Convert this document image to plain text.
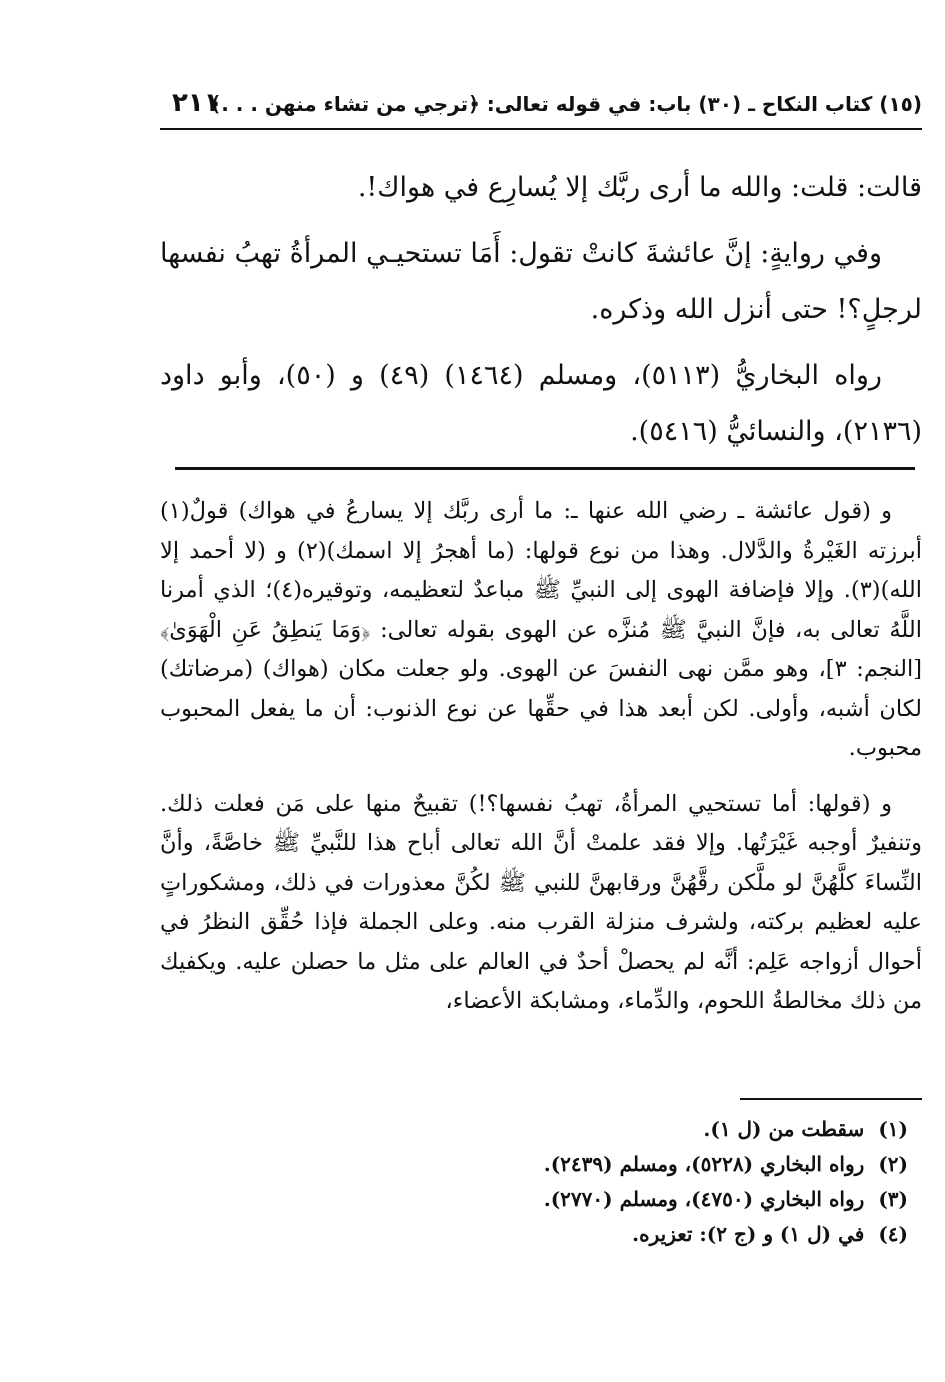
(١٥) كتاب النكاح ـ (٣٠) باب: في قوله تعالى: ﴿ترجي من تشاء منهن . . .﴾
٢١١

قالت: قلت: والله ما أرى ربَّك إلا يُسارِع في هواك!.

وفي روايةٍ: إنَّ عائشةَ كانتْ تقول: أَمَا تستحيـي المرأةُ تهبُ نفسها لرجلٍ؟! حتى أنزل الله وذكره.

رواه البخاريُّ (٥١١٣)، ومسلم (١٤٦٤) (٤٩) و (٥٠)، وأبو داود (٢١٣٦)، والنسائيُّ (٥٤١٦).

و (قول عائشة ـ رضي الله عنها ـ: ما أرى ربَّك إلا يسارعُ في هواك) قولٌ(١) أبرزته الغَيْرةُ والدَّلال. وهذا من نوع قولها: (ما أهجرُ إلا اسمك)(٢) و (لا أحمد إلا الله)(٣). وإلا فإضافة الهوى إلى النبيِّ ﷺ مباعدٌ لتعظيمه، وتوقيره(٤)؛ الذي أمرنا اللَّهُ تعالى به، فإنَّ النبيَّ ﷺ مُنزَّه عن الهوى بقوله تعالى: ﴿وَمَا يَنطِقُ عَنِ الْهَوَىٰ﴾ [النجم: ٣]، وهو ممَّن نهى النفسَ عن الهوى. ولو جعلت مكان (هواك) (مرضاتك) لكان أشبه، وأولى. لكن أبعد هذا في حقِّها عن نوع الذنوب: أن ما يفعل المحبوب محبوب.

و (قولها: أما تستحيي المرأةُ، تهبُ نفسها؟!) تقبيحٌ منها على مَن فعلت ذلك. وتنفيرٌ أوجبه غَيْرَتُها. وإلا فقد علمتْ أنَّ الله تعالى أباح هذا للنَّبيِّ ﷺ خاصَّةً، وأنَّ النِّساءَ كلَّهُنَّ لو ملَّكن رقَّهُنَّ ورقابهنَّ للنبي ﷺ لكُنَّ معذورات في ذلك، ومشكوراتٍ عليه لعظيم بركته، ولشرف منزلة القرب منه. وعلى الجملة فإذا حُقِّق النظرُ في أحوال أزواجه عَلِم: أنَّه لم يحصلْ أحدٌ في العالم على مثل ما حصلن عليه. ويكفيك من ذلك مخالطةُ اللحوم، والدِّماء، ومشابكة الأعضاء،

(١)سقطت من (ل ١).

(٢)رواه البخاري (٥٢٢٨)، ومسلم (٢٤٣٩).

(٣)رواه البخاري (٤٧٥٠)، ومسلم (٢٧٧٠).

(٤)في (ل ١) و (ج ٢): تعزيره.
